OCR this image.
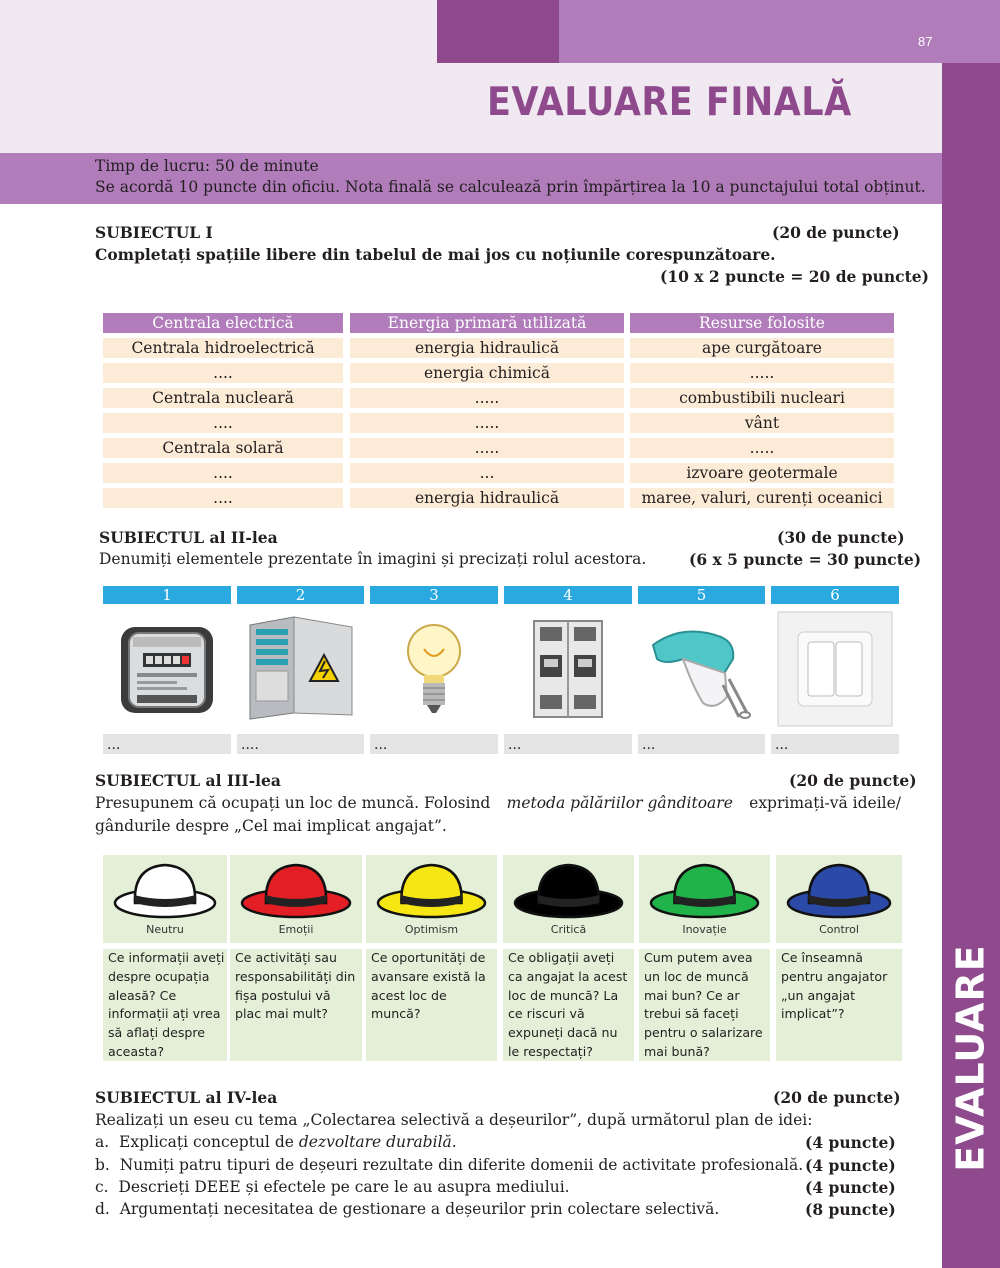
87
EVALUARE
EVALUARE FINALĂ
Timp de lucru: 50 de minute
Se acordă 10 puncte din oficiu. Nota finală se calculează prin împărțirea la 10 a punctajului total obținut.
SUBIECTUL I	(20 de puncte)
Completați spațiile libere din tabelul de mai jos cu noțiunile corespunzătoare.
(10 x 2 puncte = 20 de puncte)
Centrala electrică	Energia primară utilizată	Resurse folosite
Centrala hidroelectrică	energia hidraulică	ape curgătoare
....	energia chimică	.....
Centrala nucleară	.....	combustibili nucleari
....	.....	vânt
Centrala solară	.....	.....
....	...	izvoare geotermale
....	energia hidraulică	maree, valuri, curenți oceanici
SUBIECTUL al II-lea	(30 de puncte)
Denumiți elementele prezentate în imagini și precizați rolul acestora.	(6 x 5 puncte = 30 puncte)
1	2	3	4	5	6
...	....	...	...	...	...
SUBIECTUL al III-lea	(20 de puncte)
Presupunem că ocupați un loc de muncă. Folosind metoda pălăriilor gânditoare exprimați-vă ideile/
gândurile despre „Cel mai implicat angajat”.
Neutru
Ce informații aveți despre ocupația aleasă? Ce informații ați vrea să aflați despre aceasta?
Emoții
Ce activități sau responsabilități din fișa postului vă plac mai mult?
Optimism
Ce oportunități de avansare există la acest loc de muncă?
Critică
Ce obligații aveți ca angajat la acest loc de muncă? La ce riscuri vă expuneți dacă nu le respectați?
Inovație
Cum putem avea un loc de muncă mai bun? Ce ar trebui să faceți pentru o salarizare mai bună?
Control
Ce înseamnă pentru angajator „un angajat implicat”?
SUBIECTUL al IV-lea	(20 de puncte)
Realizați un eseu cu tema „Colectarea selectivă a deșeurilor”, după următorul plan de idei:
a.  Explicați conceptul de dezvoltare durabilă.	(4 puncte)
b.  Numiți patru tipuri de deșeuri rezultate din diferite domenii de activitate profesională. (4 puncte)
c.  Descrieți DEEE și efectele pe care le au asupra mediului.	(4 puncte)
d.  Argumentați necesitatea de gestionare a deșeurilor prin colectare selectivă.	(8 puncte)
